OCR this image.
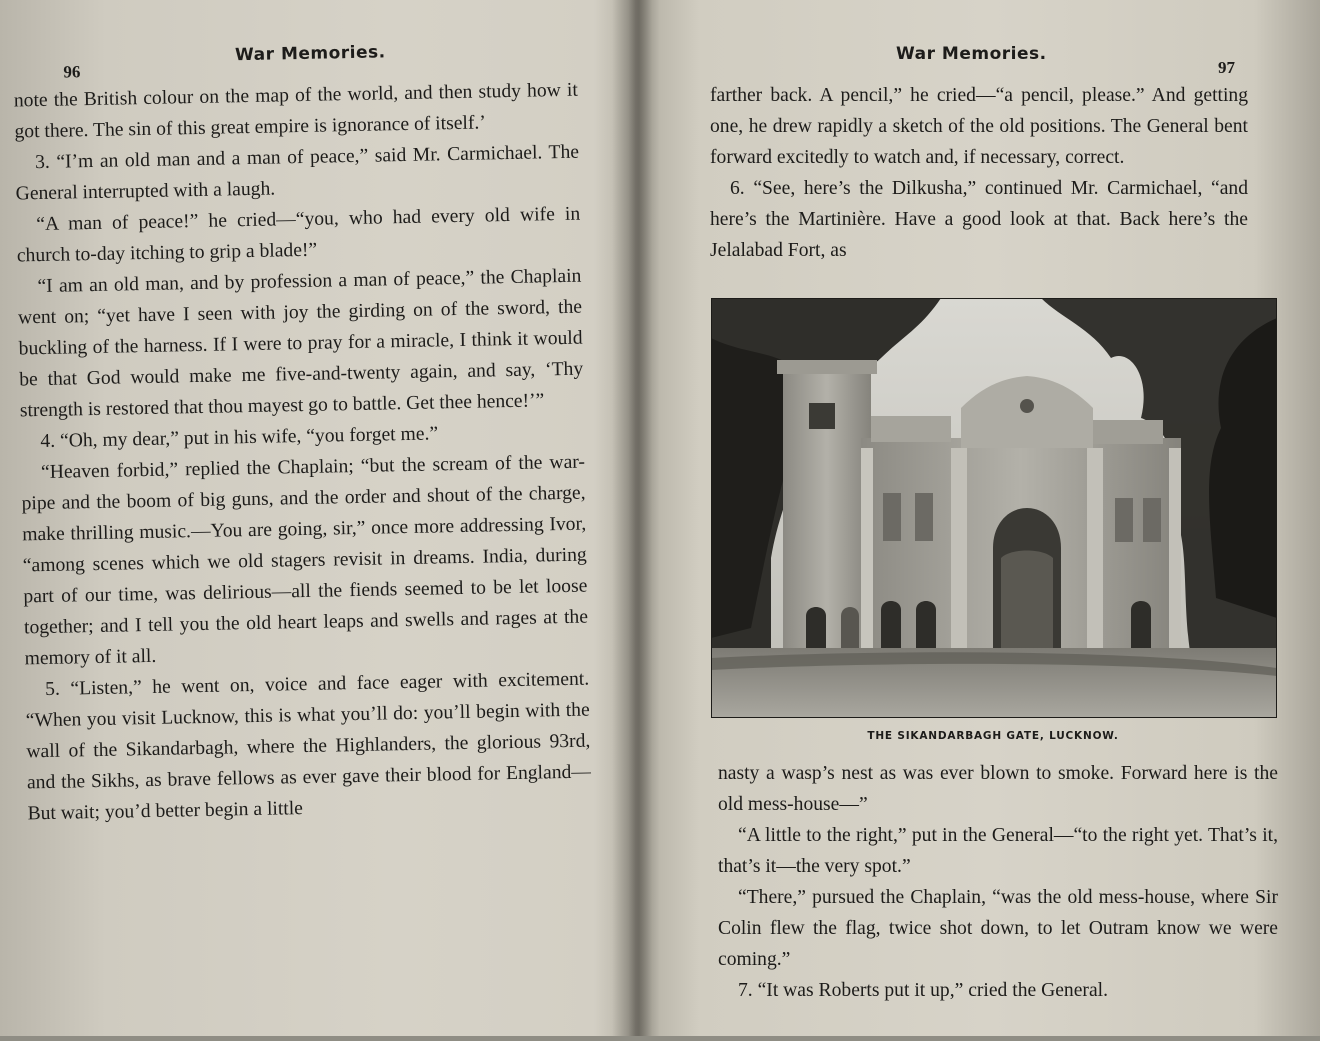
96
War Memories.

note the British colour on the map of the world, and then study how it got there. The sin of this great empire is ignorance of itself.’

3. “I’m an old man and a man of peace,” said Mr. Carmichael. The General interrupted with a laugh.

“A man of peace!” he cried—“you, who had every old wife in church to-day itching to grip a blade!”

“I am an old man, and by profession a man of peace,” the Chaplain went on; “yet have I seen with joy the girding on of the sword, the buckling of the harness. If I were to pray for a miracle, I think it would be that God would make me five-and-twenty again, and say, ‘Thy strength is restored that thou mayest go to battle. Get thee hence!’”

4. “Oh, my dear,” put in his wife, “you forget me.”

“Heaven forbid,” replied the Chaplain; “but the scream of the war-pipe and the boom of big guns, and the order and shout of the charge, make thrilling music.—You are going, sir,” once more addressing Ivor, “among scenes which we old stagers revisit in dreams. India, during part of our time, was delirious—all the fiends seemed to be let loose together; and I tell you the old heart leaps and swells and rages at the memory of it all.

5. “Listen,” he went on, voice and face eager with excitement. “When you visit Lucknow, this is what you’ll do: you’ll begin with the wall of the Sikandarbagh, where the Highlanders, the glorious 93rd, and the Sikhs, as brave fellows as ever gave their blood for England— But wait; you’d better begin a little

War Memories.
97

farther back. A pencil,” he cried—“a pencil, please.” And getting one, he drew rapidly a sketch of the old positions. The General bent forward excitedly to watch and, if necessary, correct.

6. “See, here’s the Dilkusha,” continued Mr. Carmichael, “and here’s the Martinière. Have a good look at that. Back here’s the Jelalabad Fort, as

THE SIKANDARBAGH GATE, LUCKNOW.

nasty a wasp’s nest as was ever blown to smoke. Forward here is the old mess-house—”

“A little to the right,” put in the General—“to the right yet. That’s it, that’s it—the very spot.”

“There,” pursued the Chaplain, “was the old mess-house, where Sir Colin flew the flag, twice shot down, to let Outram know we were coming.”

7. “It was Roberts put it up,” cried the General.
